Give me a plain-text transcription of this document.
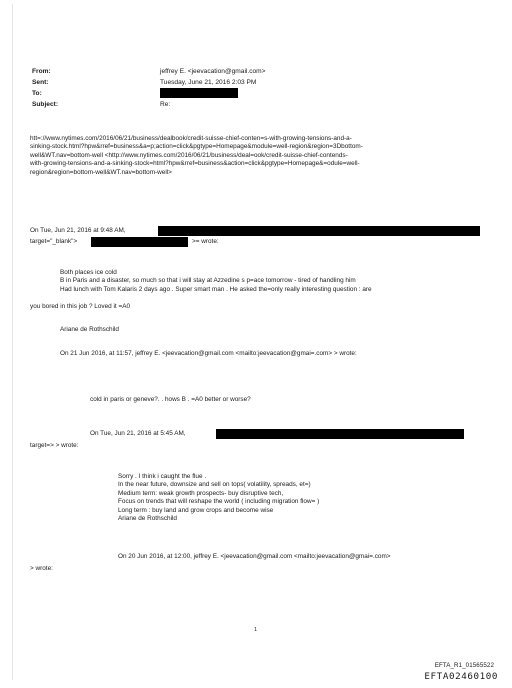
From:	jeffrey E. <jeevacation@gmail.com>
Sent:	Tuesday, June 21, 2016 2:03 PM
To:
Subject:	Re:
htt=://www.nytimes.com/2016/06/21/business/dealbook/credit-suisse-chief-conten=s-with-growing-tensions-and-a-
sinking-stock.html?hpw&rref=business&a=p;action=click&pgtype=Homepage&module=well-region&region=3Dbottom-
well&WT.nav=bottom-well <http://www.nytimes.com/2016/06/21/business/deal=ook/credit-suisse-chief-contends-
with-growing-tensions-and-a-sinking-stock=html?hpw&rref=business&action=click&pgtype=Homepage&=odule=well-
region&region=bottom-well&WT.nav=bottom-well>
On Tue, Jun 21, 2016 at 9:48 AM,
target="_blank">	>= wrote:
Both places ice cold
B in Paris and a disaster, so much so that i will stay at Azzedine s p=ace tomorrow - tired of handling him
Had lunch with Tom Kalaris 2 days ago . Super smart man . He asked the=only really interesting question : are
you bored in this job ? Loved it =A0
Ariane de Rothschild
On 21 Jun 2016, at 11:57, jeffrey E. <jeevacation@gmail.com <mailto:jeevacation@gmai=.com> > wrote:
cold in paris or geneve?. . hows B . =A0 better or worse?
On Tue, Jun 21, 2016 at 5:45 AM,
target=> > wrote:
Sorry . I think i caught the flue .
In the near future, downsize and sell on tops( volatility, spreads, et=)
Medium term: weak growth prospects- buy disruptive tech,
Focus on trends that will reshape the world ( including migration flow= )
Long term : buy land and grow crops and become wise
Ariane de Rothschild
On 20 Jun 2016, at 12:00, jeffrey E. <jeevacation@gmail.com <mailto:jeevacation@gmai=.com>
> wrote:
1
EFTA_R1_01565522
EFTA02460100
